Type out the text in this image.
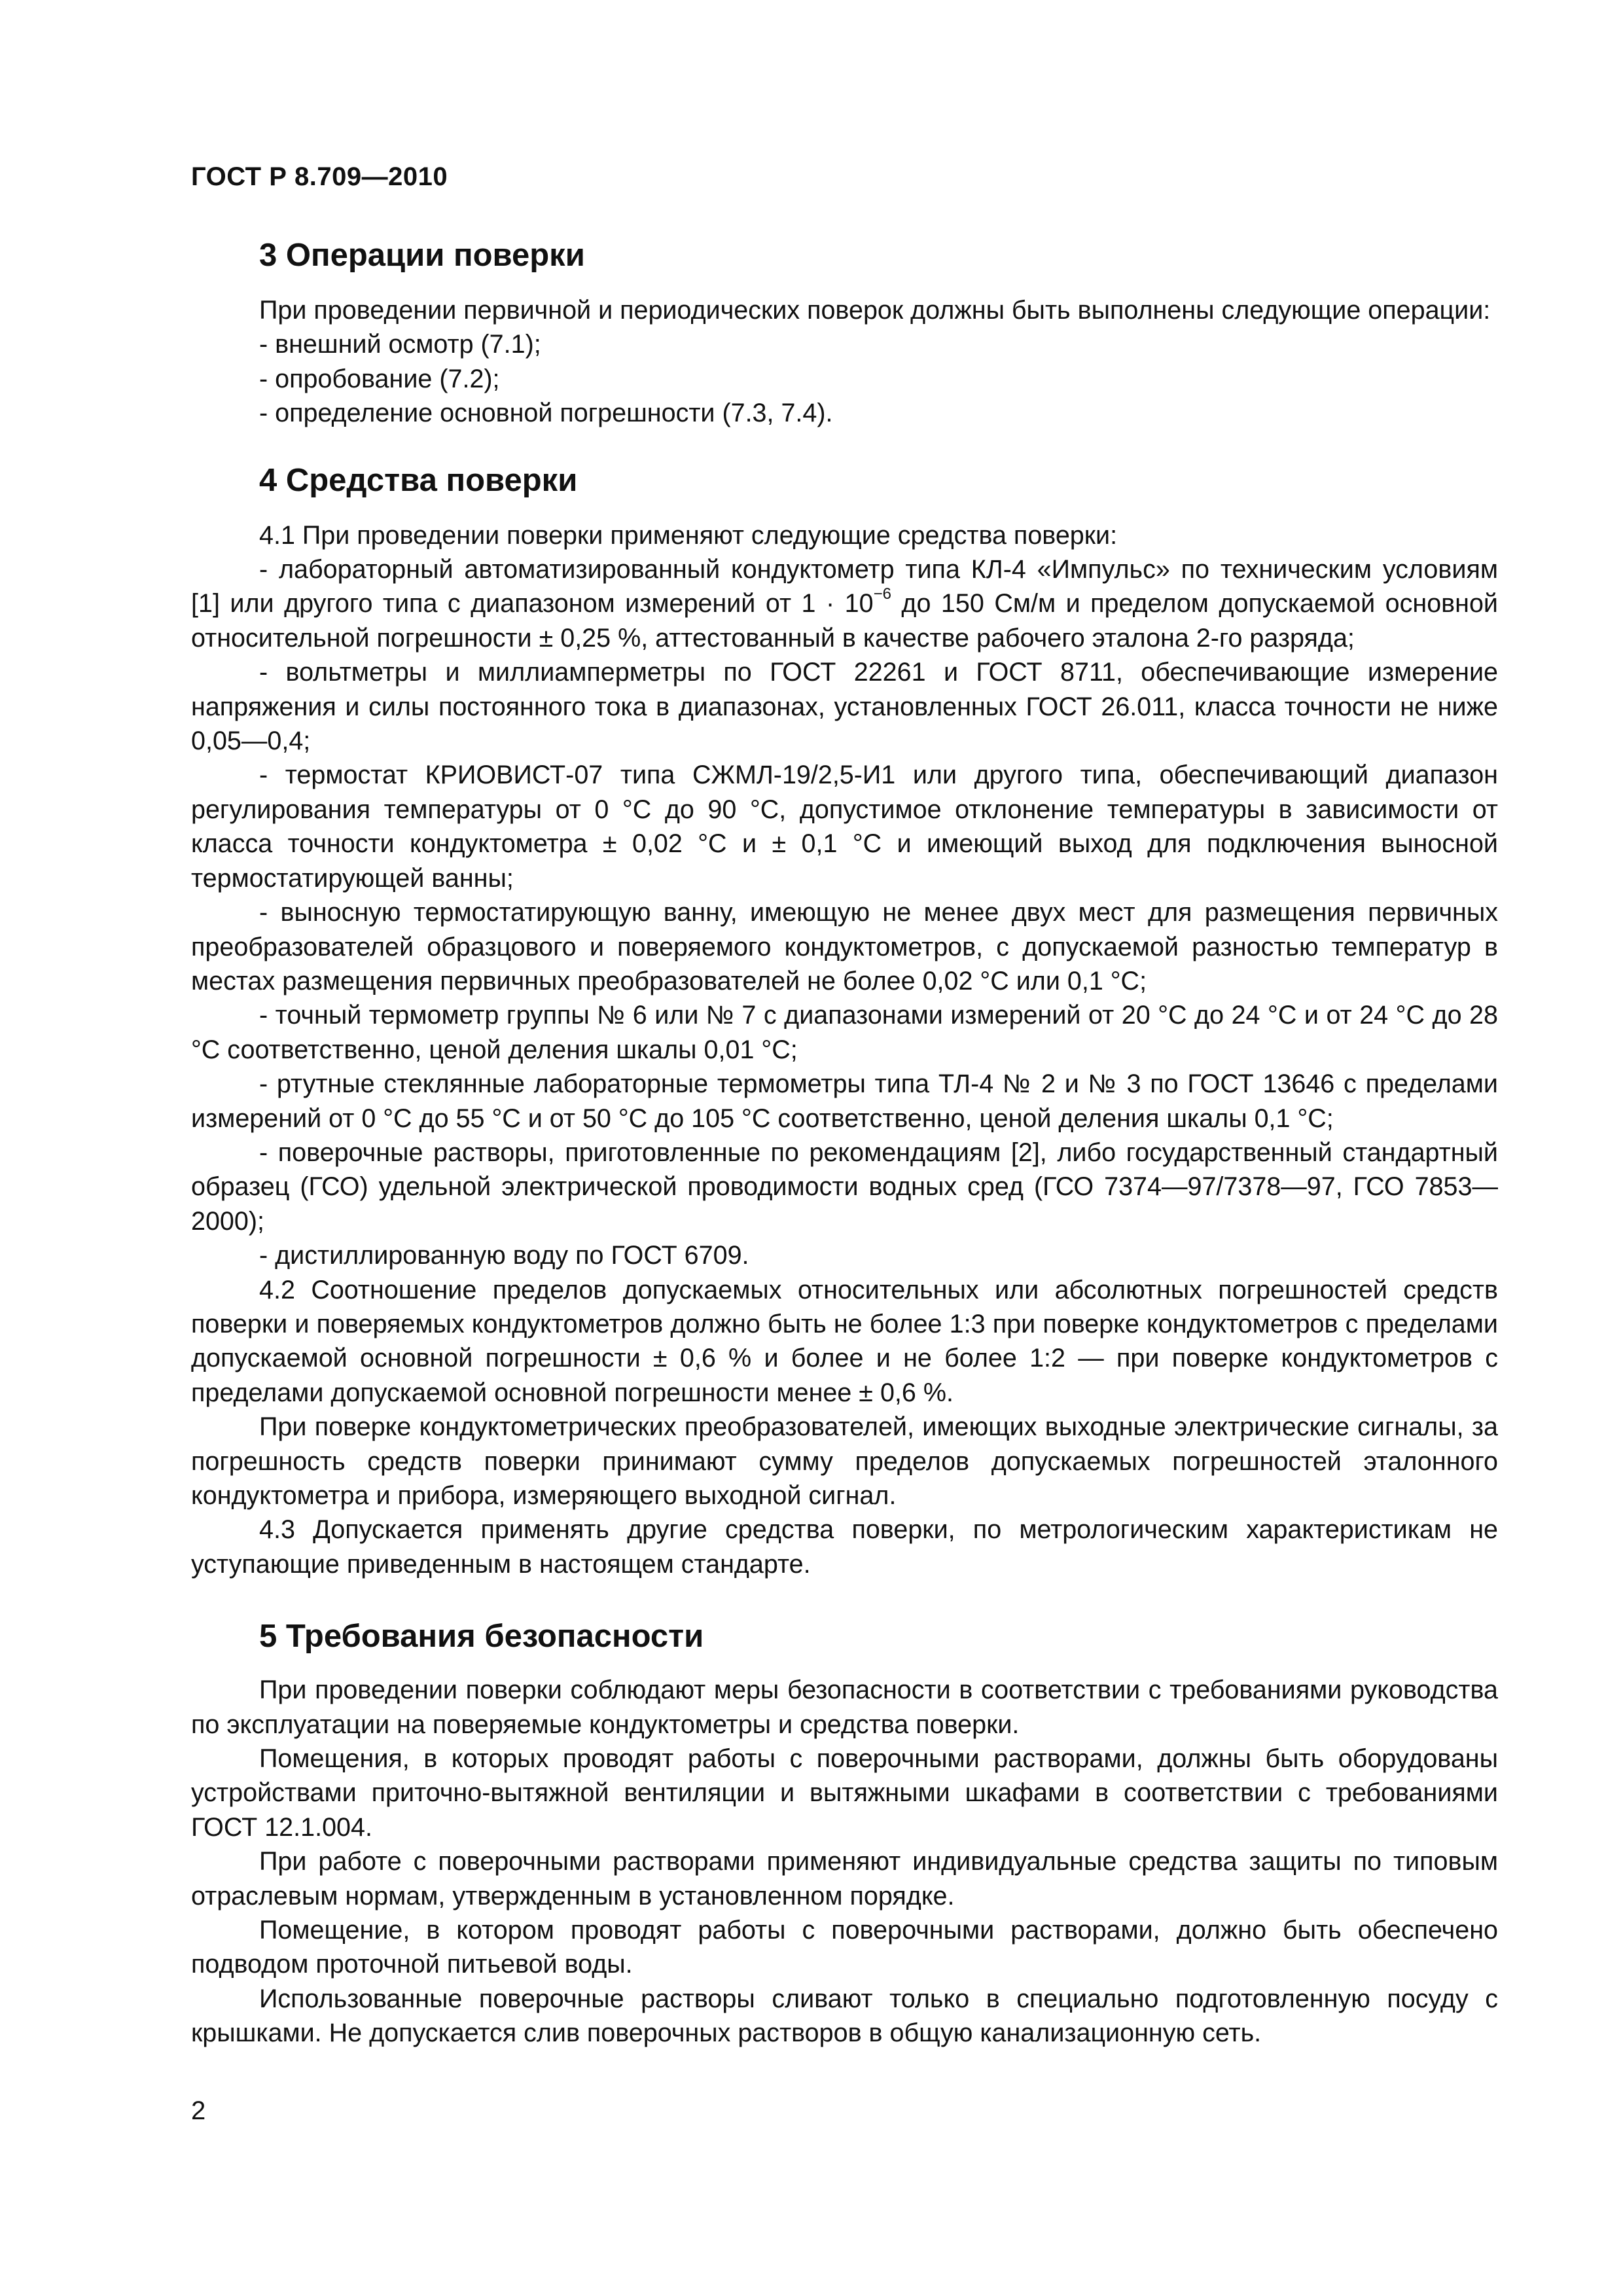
ГОСТ Р 8.709—2010
3 Операции поверки

При проведении первичной и периодических поверок должны быть выполнены следующие операции:

- внешний осмотр (7.1);

- опробование (7.2);

- определение основной погрешности (7.3, 7.4).

4 Средства поверки

4.1 При проведении поверки применяют следующие средства поверки:

- лабораторный автоматизированный кондуктометр типа КЛ-4 «Импульс» по техническим условиям [1] или другого типа с диапазоном измерений от $1 \cdot 10^{-6}$ до 150 См/м и пределом допускаемой основной относительной погрешности ± 0,25 %, аттестованный в качестве рабочего эталона 2-го разряда;

- вольтметры и миллиамперметры по ГОСТ 22261 и ГОСТ 8711, обеспечивающие измерение напряжения и силы постоянного тока в диапазонах, установленных ГОСТ 26.011, класса точности не ниже 0,05—0,4;

- термостат КРИОВИСТ-07 типа СЖМЛ-19/2,5-И1 или другого типа, обеспечивающий диапазон регулирования температуры от 0 °С до 90 °С, допустимое отклонение температуры в зависимости от класса точности кондуктометра ± 0,02 °С и ± 0,1 °С и имеющий выход для подключения выносной термостатирующей ванны;

- выносную термостатирующую ванну, имеющую не менее двух мест для размещения первичных преобразователей образцового и поверяемого кондуктометров, с допускаемой разностью температур в местах размещения первичных преобразователей не более 0,02 °С или 0,1 °С;

- точный термометр группы № 6 или № 7 с диапазонами измерений от 20 °С до 24 °С и от 24 °С до 28 °С соответственно, ценой деления шкалы 0,01 °С;

- ртутные стеклянные лабораторные термометры типа ТЛ-4 № 2 и № 3 по ГОСТ 13646 с пределами измерений от 0 °С до 55 °С и от 50 °С до 105 °С соответственно, ценой деления шкалы 0,1 °С;

- поверочные растворы, приготовленные по рекомендациям [2], либо государственный стандартный образец (ГСО) удельной электрической проводимости водных сред (ГСО 7374—97/7378—97, ГСО 7853—2000);

- дистиллированную воду по ГОСТ 6709.

4.2 Соотношение пределов допускаемых относительных или абсолютных погрешностей средств поверки и поверяемых кондуктометров должно быть не более 1:3 при поверке кондуктометров с пределами допускаемой основной погрешности ± 0,6 % и более и не более 1:2 — при поверке кондуктометров с пределами допускаемой основной погрешности менее ± 0,6 %.

При поверке кондуктометрических преобразователей, имеющих выходные электрические сигналы, за погрешность средств поверки принимают сумму пределов допускаемых погрешностей эталонного кондуктометра и прибора, измеряющего выходной сигнал.

4.3 Допускается применять другие средства поверки, по метрологическим характеристикам не уступающие приведенным в настоящем стандарте.

5 Требования безопасности

При проведении поверки соблюдают меры безопасности в соответствии с требованиями руководства по эксплуатации на поверяемые кондуктометры и средства поверки.

Помещения, в которых проводят работы с поверочными растворами, должны быть оборудованы устройствами приточно-вытяжной вентиляции и вытяжными шкафами в соответствии с требованиями ГОСТ 12.1.004.

При работе с поверочными растворами применяют индивидуальные средства защиты по типовым отраслевым нормам, утвержденным в установленном порядке.

Помещение, в котором проводят работы с поверочными растворами, должно быть обеспечено подводом проточной питьевой воды.

Использованные поверочные растворы сливают только в специально подготовленную посуду с крышками. Не допускается слив поверочных растворов в общую канализационную сеть.

2
